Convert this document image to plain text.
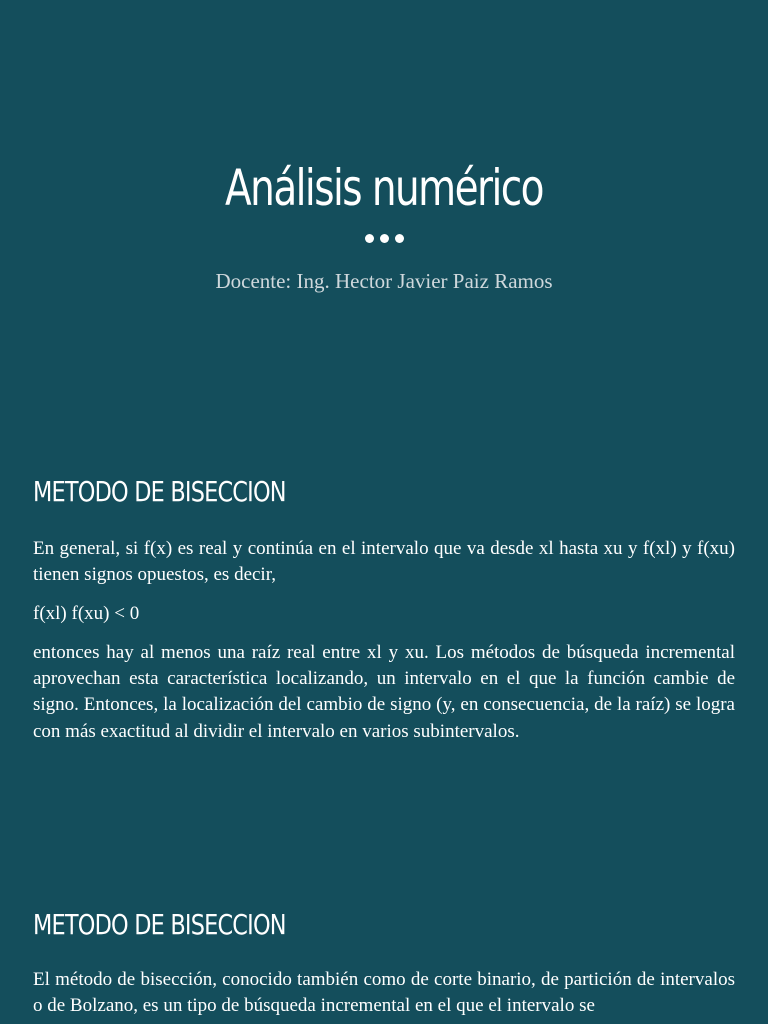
Análisis numérico
Docente: Ing. Hector Javier Paiz Ramos
METODO DE BISECCION

En general, si f(x) es real y continúa en el intervalo que va desde xl hasta xu y f(xl) y f(xu) tienen signos opuestos, es decir,

f(xl) f(xu) < 0

entonces hay al menos una raíz real entre xl y xu. Los métodos de búsqueda incremental aprovechan esta característica localizando, un intervalo en el que la función cambie de signo. Entonces, la localización del cambio de signo (y, en consecuencia, de la raíz) se logra con más exactitud al dividir el intervalo en varios subintervalos.

METODO DE BISECCION

El método de bisección, conocido también como de corte binario, de partición de intervalos o de Bolzano, es un tipo de búsqueda incremental en el que el intervalo se
